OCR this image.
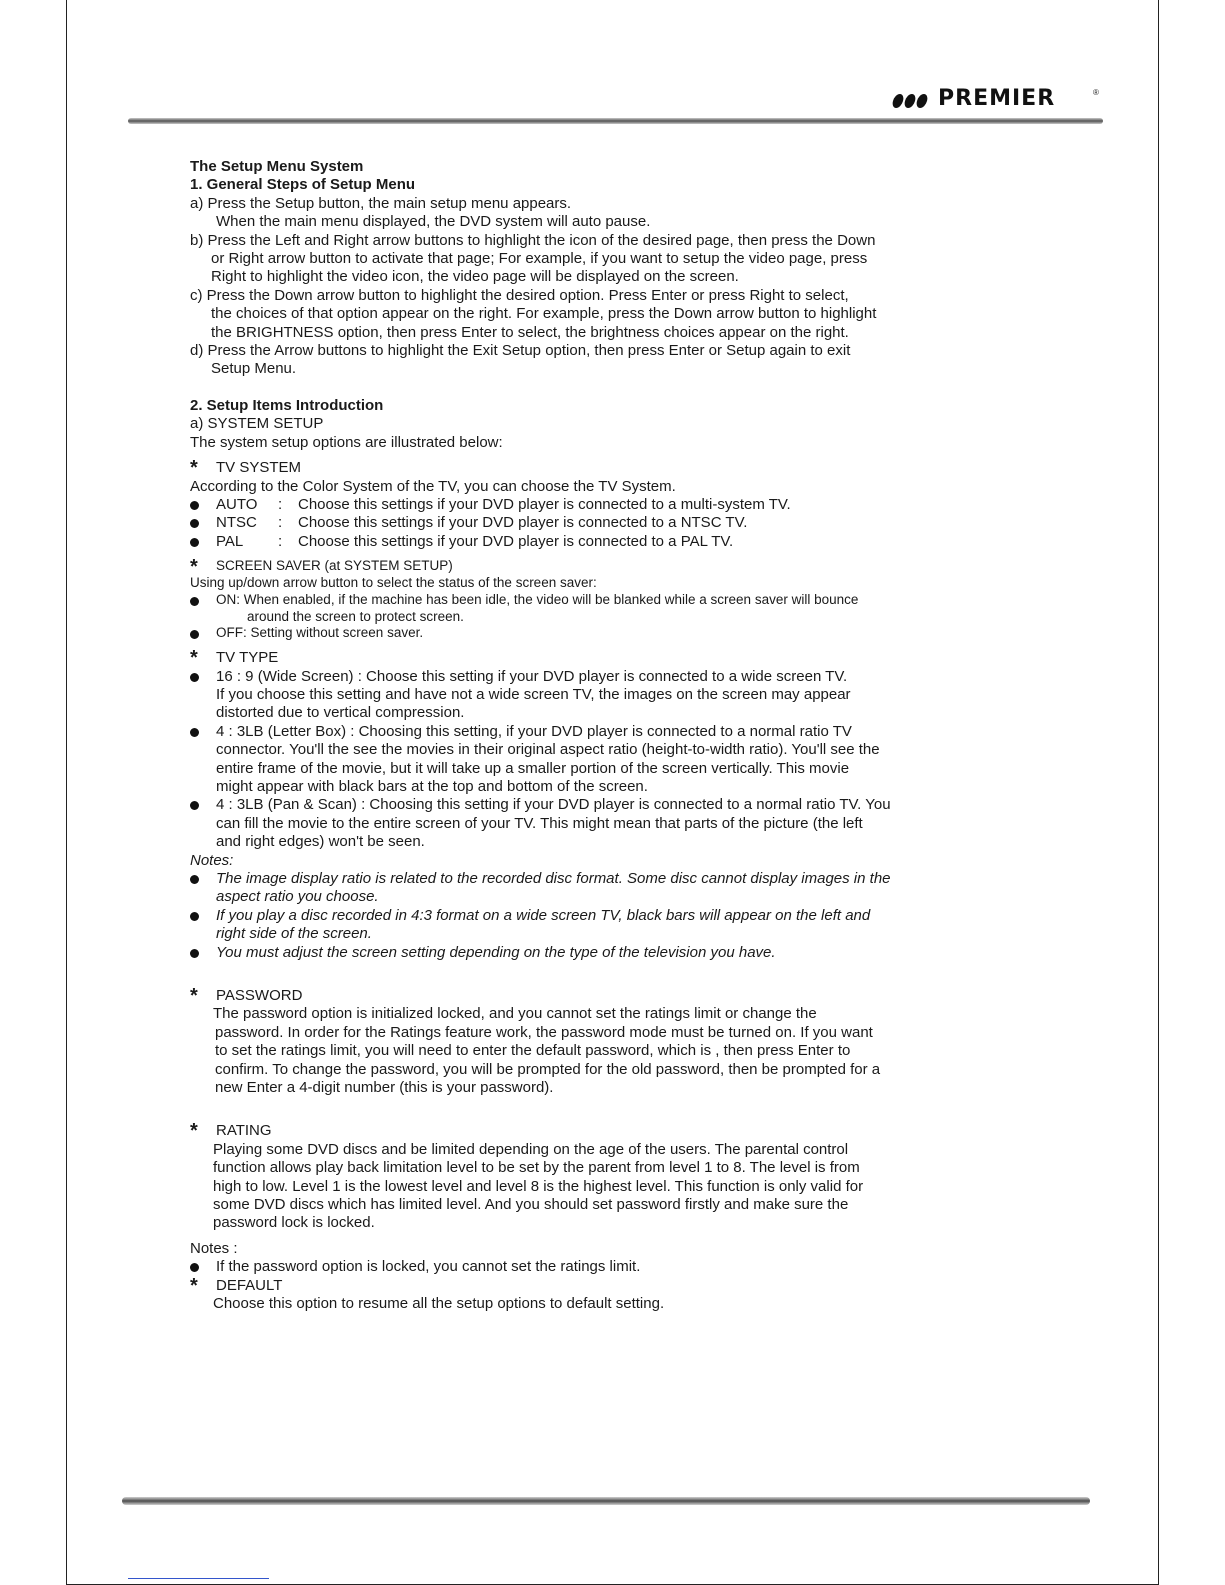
PREMIER	®

The Setup Menu System

1. General Steps of Setup Menu

a) Press the Setup button, the main setup menu appears.

When the main menu displayed, the DVD system will auto pause.

b) Press the Left and Right arrow buttons to highlight the icon of the desired page, then press the Down

or Right arrow button to activate that page; For example, if you want to setup the video page, press

Right to highlight the video icon, the video page will be displayed on the screen.

c) Press the Down arrow button to highlight the desired option. Press Enter or press Right to select,

the choices of that option appear on the right. For example, press the Down arrow button to highlight

the BRIGHTNESS option, then press Enter to select, the brightness choices appear on the right.

d) Press the Arrow buttons to highlight the Exit Setup option, then press Enter or Setup again to exit

Setup Menu.

2. Setup Items Introduction

a) SYSTEM SETUP

The system setup options are illustrated below:

*	TV SYSTEM

According to the Color System of the TV, you can choose the TV System.

AUTO : Choose this settings if your DVD player is connected to a multi-system TV.
NTSC : Choose this settings if your DVD player is connected to a NTSC TV.
PAL : Choose this settings if your DVD player is connected to a PAL TV.
*	SCREEN SAVER (at SYSTEM SETUP)

Using up/down arrow button to select the status of the screen saver:

ON: When enabled, if the machine has been idle, the video will be blanked while a screen saver will bounce

around the screen to protect screen.

OFF: Setting without screen saver.
*	TV TYPE

16 : 9 (Wide Screen) : Choose this setting if your DVD player is connected to a wide screen TV.

If you choose this setting and have not a wide screen TV, the images on the screen may appear

distorted due to vertical compression.

4 : 3LB (Letter Box) : Choosing this setting, if your DVD player is connected to a normal ratio TV

connector. You'll the see the movies in their original aspect ratio (height-to-width ratio). You'll see the

entire frame of the movie, but it will take up a smaller portion of the screen vertically. This movie

might appear with black bars at the top and bottom of the screen.

4 : 3LB (Pan & Scan) : Choosing this setting if your DVD player is connected to a normal ratio TV. You

can fill the movie to the entire screen of your TV. This might mean that parts of the picture (the left

and right edges) won't be seen.

Notes:

The image display ratio is related to the recorded disc format. Some disc cannot display images in the

aspect ratio you choose.

If you play a disc recorded in 4:3 format on a wide screen TV, black bars will appear on the left and

right side of the screen.

You must adjust the screen setting depending on the type of the television you have.

*	PASSWORD

The password option is initialized locked, and you cannot set the ratings limit or change the

password. In order for the Ratings feature work, the password mode must be turned on. If you want

to set the ratings limit, you will need to enter the default password, which is , then press Enter to

confirm. To change the password, you will be prompted for the old password, then be prompted for a

new Enter a 4-digit number (this is your password).

*	RATING

Playing some DVD discs and be limited depending on the age of the users. The parental control

function allows play back limitation level to be set by the parent from level 1 to 8. The level is from

high to low. Level 1 is the lowest level and level 8 is the highest level. This function is only valid for

some DVD discs which has limited level. And you should set password firstly and make sure the

password lock is locked.

Notes :

If the password option is locked, you cannot set the ratings limit.
*	DEFAULT

Choose this option to resume all the setup options to default setting.
